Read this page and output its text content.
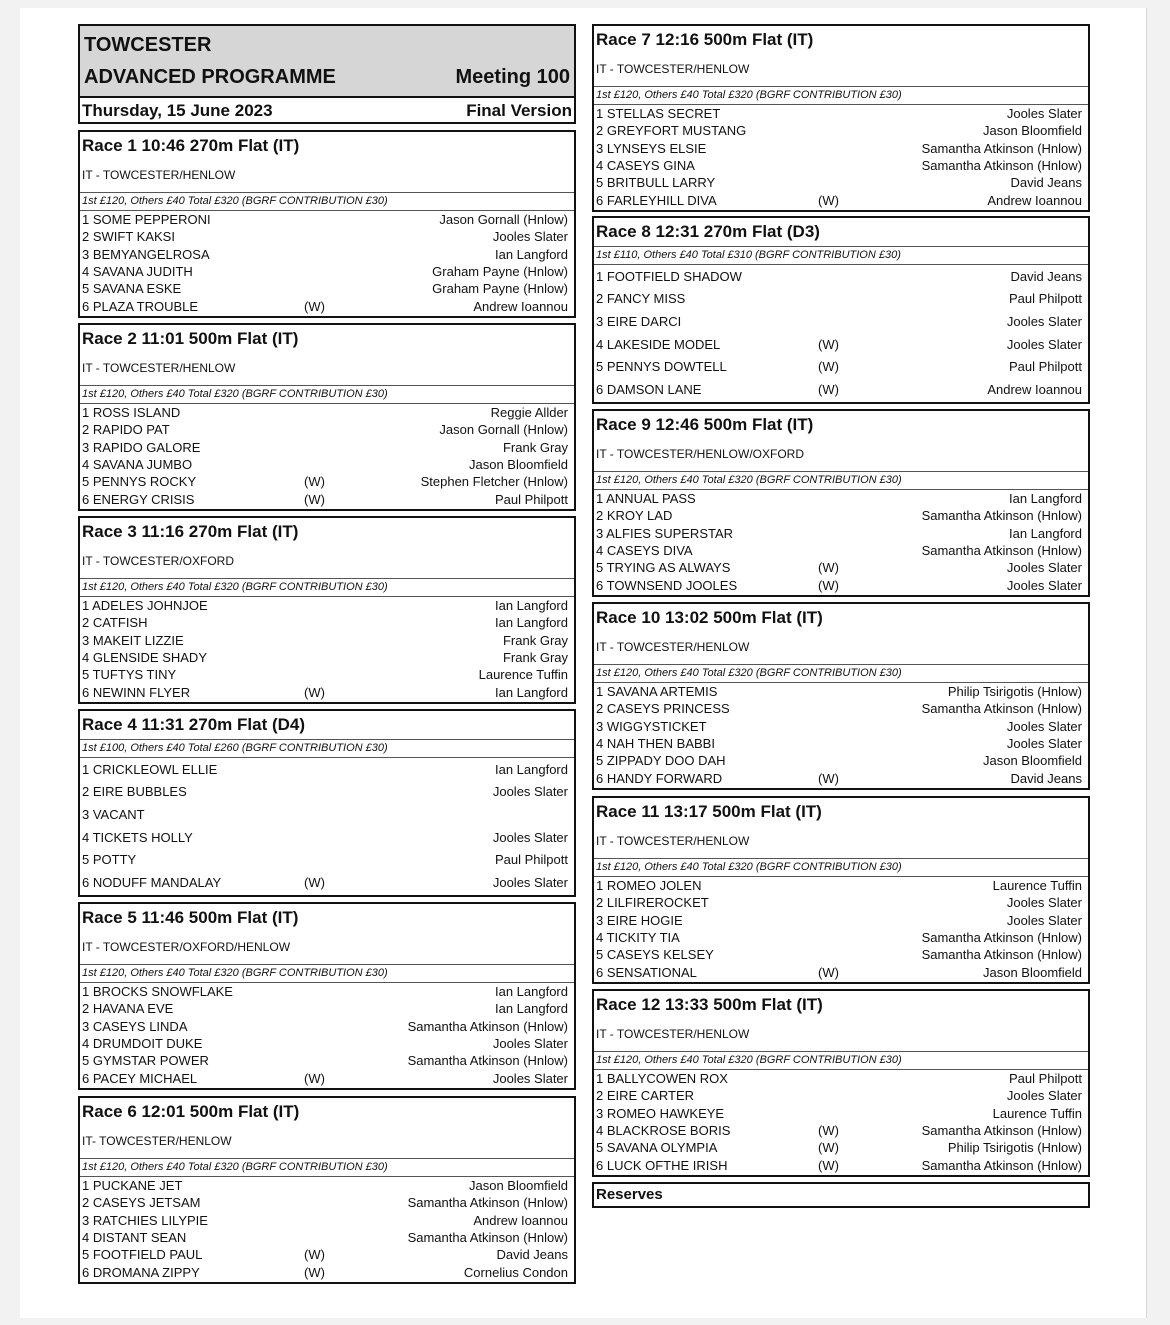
TOWCESTER
ADVANCED PROGRAMME	Meeting 100
Thursday, 15 June 2023	Final Version
Race 1 10:46 270m Flat (IT)
IT - TOWCESTER/HENLOW
1st £120, Others £40 Total £320 (BGRF CONTRIBUTION £30)
1 SOME PEPPERONI	Jason Gornall (Hnlow)
2 SWIFT KAKSI	Jooles Slater
3 BEMYANGELROSA	Ian Langford
4 SAVANA JUDITH	Graham Payne (Hnlow)
5 SAVANA ESKE	Graham Payne (Hnlow)
6 PLAZA TROUBLE	(W)	Andrew Ioannou
Race 2 11:01 500m Flat (IT)
IT - TOWCESTER/HENLOW
1st £120, Others £40 Total £320 (BGRF CONTRIBUTION £30)
1 ROSS ISLAND	Reggie Allder
2 RAPIDO PAT	Jason Gornall (Hnlow)
3 RAPIDO GALORE	Frank Gray
4 SAVANA JUMBO	Jason Bloomfield
5 PENNYS ROCKY	(W)	Stephen Fletcher (Hnlow)
6 ENERGY CRISIS	(W)	Paul Philpott
Race 3 11:16 270m Flat (IT)
IT - TOWCESTER/OXFORD
1st £120, Others £40 Total £320 (BGRF CONTRIBUTION £30)
1 ADELES JOHNJOE	Ian Langford
2 CATFISH	Ian Langford
3 MAKEIT LIZZIE	Frank Gray
4 GLENSIDE SHADY	Frank Gray
5 TUFTYS TINY	Laurence Tuffin
6 NEWINN FLYER	(W)	Ian Langford
Race 4 11:31 270m Flat (D4)
1st £100, Others £40 Total £260 (BGRF CONTRIBUTION £30)
1 CRICKLEOWL ELLIE	Ian Langford
2 EIRE BUBBLES	Jooles Slater
3 VACANT
4 TICKETS HOLLY	Jooles Slater
5 POTTY	Paul Philpott
6 NODUFF MANDALAY	(W)	Jooles Slater
Race 5 11:46 500m Flat (IT)
IT - TOWCESTER/OXFORD/HENLOW
1st £120, Others £40 Total £320 (BGRF CONTRIBUTION £30)
1 BROCKS SNOWFLAKE	Ian Langford
2 HAVANA EVE	Ian Langford
3 CASEYS LINDA	Samantha Atkinson (Hnlow)
4 DRUMDOIT DUKE	Jooles Slater
5 GYMSTAR POWER	Samantha Atkinson (Hnlow)
6 PACEY MICHAEL	(W)	Jooles Slater
Race 6 12:01 500m Flat (IT)
IT- TOWCESTER/HENLOW
1st £120, Others £40 Total £320 (BGRF CONTRIBUTION £30)
1 PUCKANE JET	Jason Bloomfield
2 CASEYS JETSAM	Samantha Atkinson (Hnlow)
3 RATCHIES LILYPIE	Andrew Ioannou
4 DISTANT SEAN	Samantha Atkinson (Hnlow)
5 FOOTFIELD PAUL	(W)	David Jeans
6 DROMANA ZIPPY	(W)	Cornelius Condon
Race 7 12:16 500m Flat (IT)
IT - TOWCESTER/HENLOW
1st £120, Others £40 Total £320 (BGRF CONTRIBUTION £30)
1 STELLAS SECRET	Jooles Slater
2 GREYFORT MUSTANG	Jason Bloomfield
3 LYNSEYS ELSIE	Samantha Atkinson (Hnlow)
4 CASEYS GINA	Samantha Atkinson (Hnlow)
5 BRITBULL LARRY	David Jeans
6 FARLEYHILL DIVA	(W)	Andrew Ioannou
Race 8 12:31 270m Flat (D3)
1st £110, Others £40 Total £310 (BGRF CONTRIBUTION £30)
1 FOOTFIELD SHADOW	David Jeans
2 FANCY MISS	Paul Philpott
3 EIRE DARCI	Jooles Slater
4 LAKESIDE MODEL	(W)	Jooles Slater
5 PENNYS DOWTELL	(W)	Paul Philpott
6 DAMSON LANE	(W)	Andrew Ioannou
Race 9 12:46 500m Flat (IT)
IT - TOWCESTER/HENLOW/OXFORD
1st £120, Others £40 Total £320 (BGRF CONTRIBUTION £30)
1 ANNUAL PASS	Ian Langford
2 KROY LAD	Samantha Atkinson (Hnlow)
3 ALFIES SUPERSTAR	Ian Langford
4 CASEYS DIVA	Samantha Atkinson (Hnlow)
5 TRYING AS ALWAYS	(W)	Jooles Slater
6 TOWNSEND JOOLES	(W)	Jooles Slater
Race 10 13:02 500m Flat (IT)
IT - TOWCESTER/HENLOW
1st £120, Others £40 Total £320 (BGRF CONTRIBUTION £30)
1 SAVANA ARTEMIS	Philip Tsirigotis (Hnlow)
2 CASEYS PRINCESS	Samantha Atkinson (Hnlow)
3 WIGGYSTICKET	Jooles Slater
4 NAH THEN BABBI	Jooles Slater
5 ZIPPADY DOO DAH	Jason Bloomfield
6 HANDY FORWARD	(W)	David Jeans
Race 11 13:17 500m Flat (IT)
IT - TOWCESTER/HENLOW
1st £120, Others £40 Total £320 (BGRF CONTRIBUTION £30)
1 ROMEO JOLEN	Laurence Tuffin
2 LILFIREROCKET	Jooles Slater
3 EIRE HOGIE	Jooles Slater
4 TICKITY TIA	Samantha Atkinson (Hnlow)
5 CASEYS KELSEY	Samantha Atkinson (Hnlow)
6 SENSATIONAL	(W)	Jason Bloomfield
Race 12 13:33 500m Flat (IT)
IT - TOWCESTER/HENLOW
1st £120, Others £40 Total £320 (BGRF CONTRIBUTION £30)
1 BALLYCOWEN ROX	Paul Philpott
2 EIRE CARTER	Jooles Slater
3 ROMEO HAWKEYE	Laurence Tuffin
4 BLACKROSE BORIS	(W)	Samantha Atkinson (Hnlow)
5 SAVANA OLYMPIA	(W)	Philip Tsirigotis (Hnlow)
6 LUCK OFTHE IRISH	(W)	Samantha Atkinson (Hnlow)
Reserves
